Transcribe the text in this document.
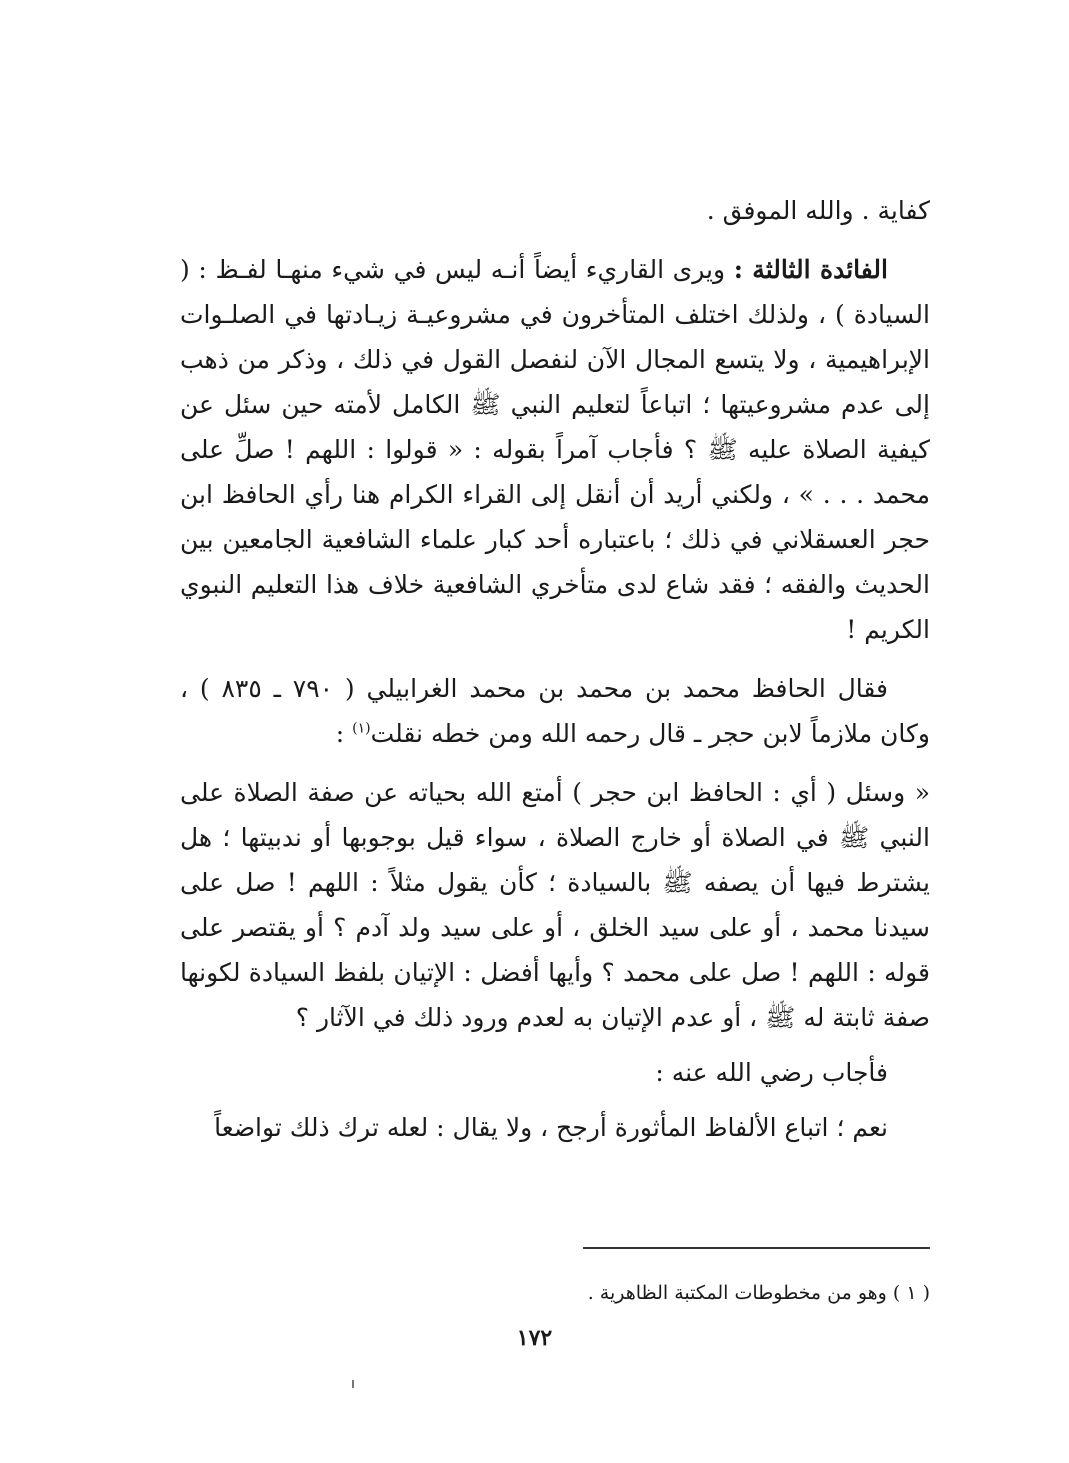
كفاية . والله الموفق .

الفائدة الثالثة : ويرى القاريء أيضاً أنـه ليس في شيء منهـا لفـظ : ( السيادة ) ، ولذلك اختلف المتأخرون في مشروعيـة زيـادتها في الصلـوات الإبراهيمية ، ولا يتسع المجال الآن لنفصل القول في ذلك ، وذكر من ذهب إلى عدم مشروعيتها ؛ اتباعاً لتعليم النبي ﷺ الكامل لأمته حين سئل عن كيفية الصلاة عليه ﷺ ؟ فأجاب آمراً بقوله : « قولوا : اللهم ! صلِّ على محمد . . . » ، ولكني أريد أن أنقل إلى القراء الكرام هنا رأي الحافظ ابن حجر العسقلاني في ذلك ؛ باعتباره أحد كبار علماء الشافعية الجامعين بين الحديث والفقه ؛ فقد شاع لدى متأخري الشافعية خلاف هذا التعليم النبوي الكريم !

فقال الحافظ محمد بن محمد بن محمد الغرابيلي ( ٧٩٠ ـ ٨٣٥ ) ، وكان ملازماً لابن حجر ـ قال رحمه الله ومن خطه نقلت$^{(١)}$ :

« وسئل ( أي : الحافظ ابن حجر ) أمتع الله بحياته عن صفة الصلاة على النبي ﷺ في الصلاة أو خارج الصلاة ، سواء قيل بوجوبها أو ندبيتها ؛ هل يشترط فيها أن يصفه ﷺ بالسيادة ؛ كأن يقول مثلاً : اللهم ! صل على سيدنا محمد ، أو على سيد الخلق ، أو على سيد ولد آدم ؟ أو يقتصر على قوله : اللهم ! صل على محمد ؟ وأيها أفضل : الإتيان بلفظ السيادة لكونها صفة ثابتة له ﷺ ، أو عدم الإتيان به لعدم ورود ذلك في الآثار ؟

فأجاب رضي الله عنه :

نعم ؛ اتباع الألفاظ المأثورة أرجح ، ولا يقال : لعله ترك ذلك تواضعاً

( ١ ) وهو من مخطوطات المكتبة الظاهرية .
١٧٢
